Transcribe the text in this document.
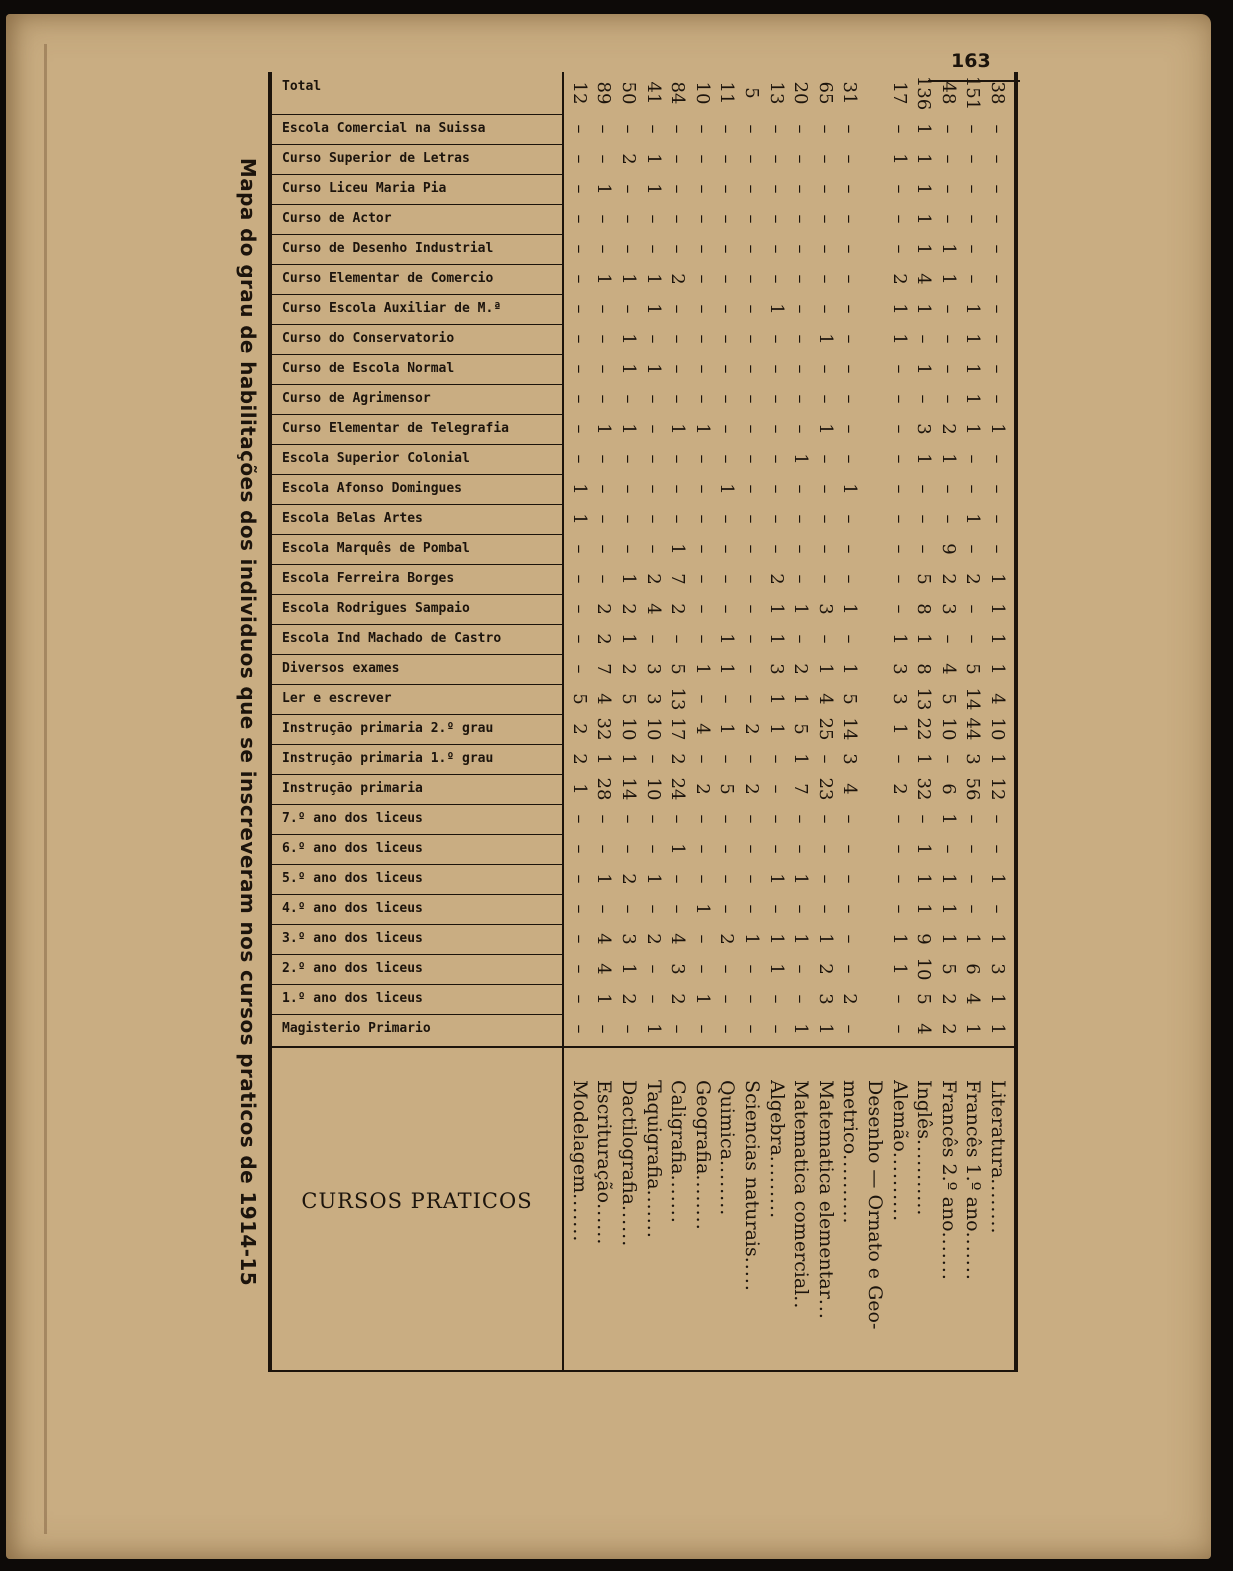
163
Mapa do grau de habilitações dos individuos que se inscreveram nos cursos praticos de 1914-15
Total
Escola Comercial na Suissa
Curso Superior de Letras
Curso Liceu Maria Pia
Curso de Actor
Curso de Desenho Industrial
Curso Elementar de Comercio
Curso Escola Auxiliar de M.ª
Curso do Conservatorio
Curso de Escola Normal
Curso de Agrimensor
Curso Elementar de Telegrafia
Escola Superior Colonial
Escola Afonso Domingues
Escola Belas Artes
Escola Marquês de Pombal
Escola Ferreira Borges
Escola Rodrigues Sampaio
Escola Ind Machado de Castro
Diversos exames
Ler e escrever
Instrução primaria 2.º grau
Instrução primaria 1.º grau
Instrução primaria
7.º ano dos liceus
6.º ano dos liceus
5.º ano dos liceus
4.º ano dos liceus
3.º ano dos liceus
2.º ano dos liceus
1.º ano dos liceus
Magisterio Primario
CURSOS PRATICOS
38
–
–
–
–
–
–
–
–
–
–
1
–
–
–
–
1
1
1
1
4
10
1
12
–
–
1
–
1
3
1
1
Literatura........
151
–
–
–
–
–
–
1
1
1
1
1
–
–
1
–
2
–
–
5
14
44
3
56
–
–
–
–
1
6
4
1
Francês 1.º ano.......
48
–
–
–
–
1
1
–
–
–
–
2
1
–
–
9
2
3
–
4
5
10
–
6
1
–
1
1
1
5
2
2
Francês 2.º ano.......
136
1
1
1
1
1
4
1
–
1
–
3
1
–
–
–
5
8
1
8
13
22
1
32
–
1
1
1
9
10
5
4
Inglês...........
17
–
1
–
–
–
2
1
1
–
–
–
–
–
–
–
–
–
1
3
3
1
–
2
–
–
–
–
1
1
–
–
Alemão..........
Desenho — Ornato e Geo-
31
–
–
–
–
–
–
–
–
–
–
–
–
1
–
–
–
1
–
1
5
14
3
4
–
–
–
–
–
–
2
–
metrico..........
65
–
–
–
–
–
–
–
1
–
–
1
–
–
–
–
–
3
–
1
4
25
–
23
–
–
–
–
1
2
3
1
Matematica elementar...
20
–
–
–
–
–
–
–
–
–
–
–
1
–
–
–
–
1
–
2
1
5
1
7
–
–
1
–
1
–
–
1
Matematica comercial..
13
–
–
–
–
–
–
1
–
–
–
–
–
–
–
–
2
1
1
3
1
1
–
–
–
–
1
–
1
1
–
–
Algebra.........
5
–
–
–
–
–
–
–
–
–
–
–
–
–
–
–
–
–
–
–
–
2
–
2
–
–
–
–
1
–
–
–
Sciencias naturais.....
11
–
–
–
–
–
–
–
–
–
–
–
–
1
–
–
–
–
1
1
–
1
–
5
–
–
–
–
2
–
–
–
Quimica........
10
–
–
–
–
–
–
–
–
–
–
1
–
–
–
–
–
–
–
1
–
4
–
2
–
–
–
1
–
–
1
–
Geografia........
84
–
–
–
–
–
2
–
–
–
–
1
–
–
–
1
7
2
–
5
13
17
2
24
–
1
–
–
4
3
2
–
Caligrafia.......
41
–
1
1
–
–
1
1
–
1
–
–
–
–
–
–
2
4
–
3
3
10
–
10
–
–
1
–
2
–
–
1
Taquigrafia.......
50
–
2
–
–
–
1
–
1
1
–
1
–
–
–
–
1
2
1
2
5
10
1
14
–
–
2
–
3
1
2
–
Dactilografia......
89
–
–
1
–
–
1
–
–
–
–
1
–
–
–
–
–
2
2
7
4
32
1
28
–
–
1
–
4
4
1
–
Escrituração......
12
–
–
–
–
–
–
–
–
–
–
–
–
1
1
–
–
–
–
–
5
2
2
1
–
–
–
–
–
–
–
–
Modelagem.......
